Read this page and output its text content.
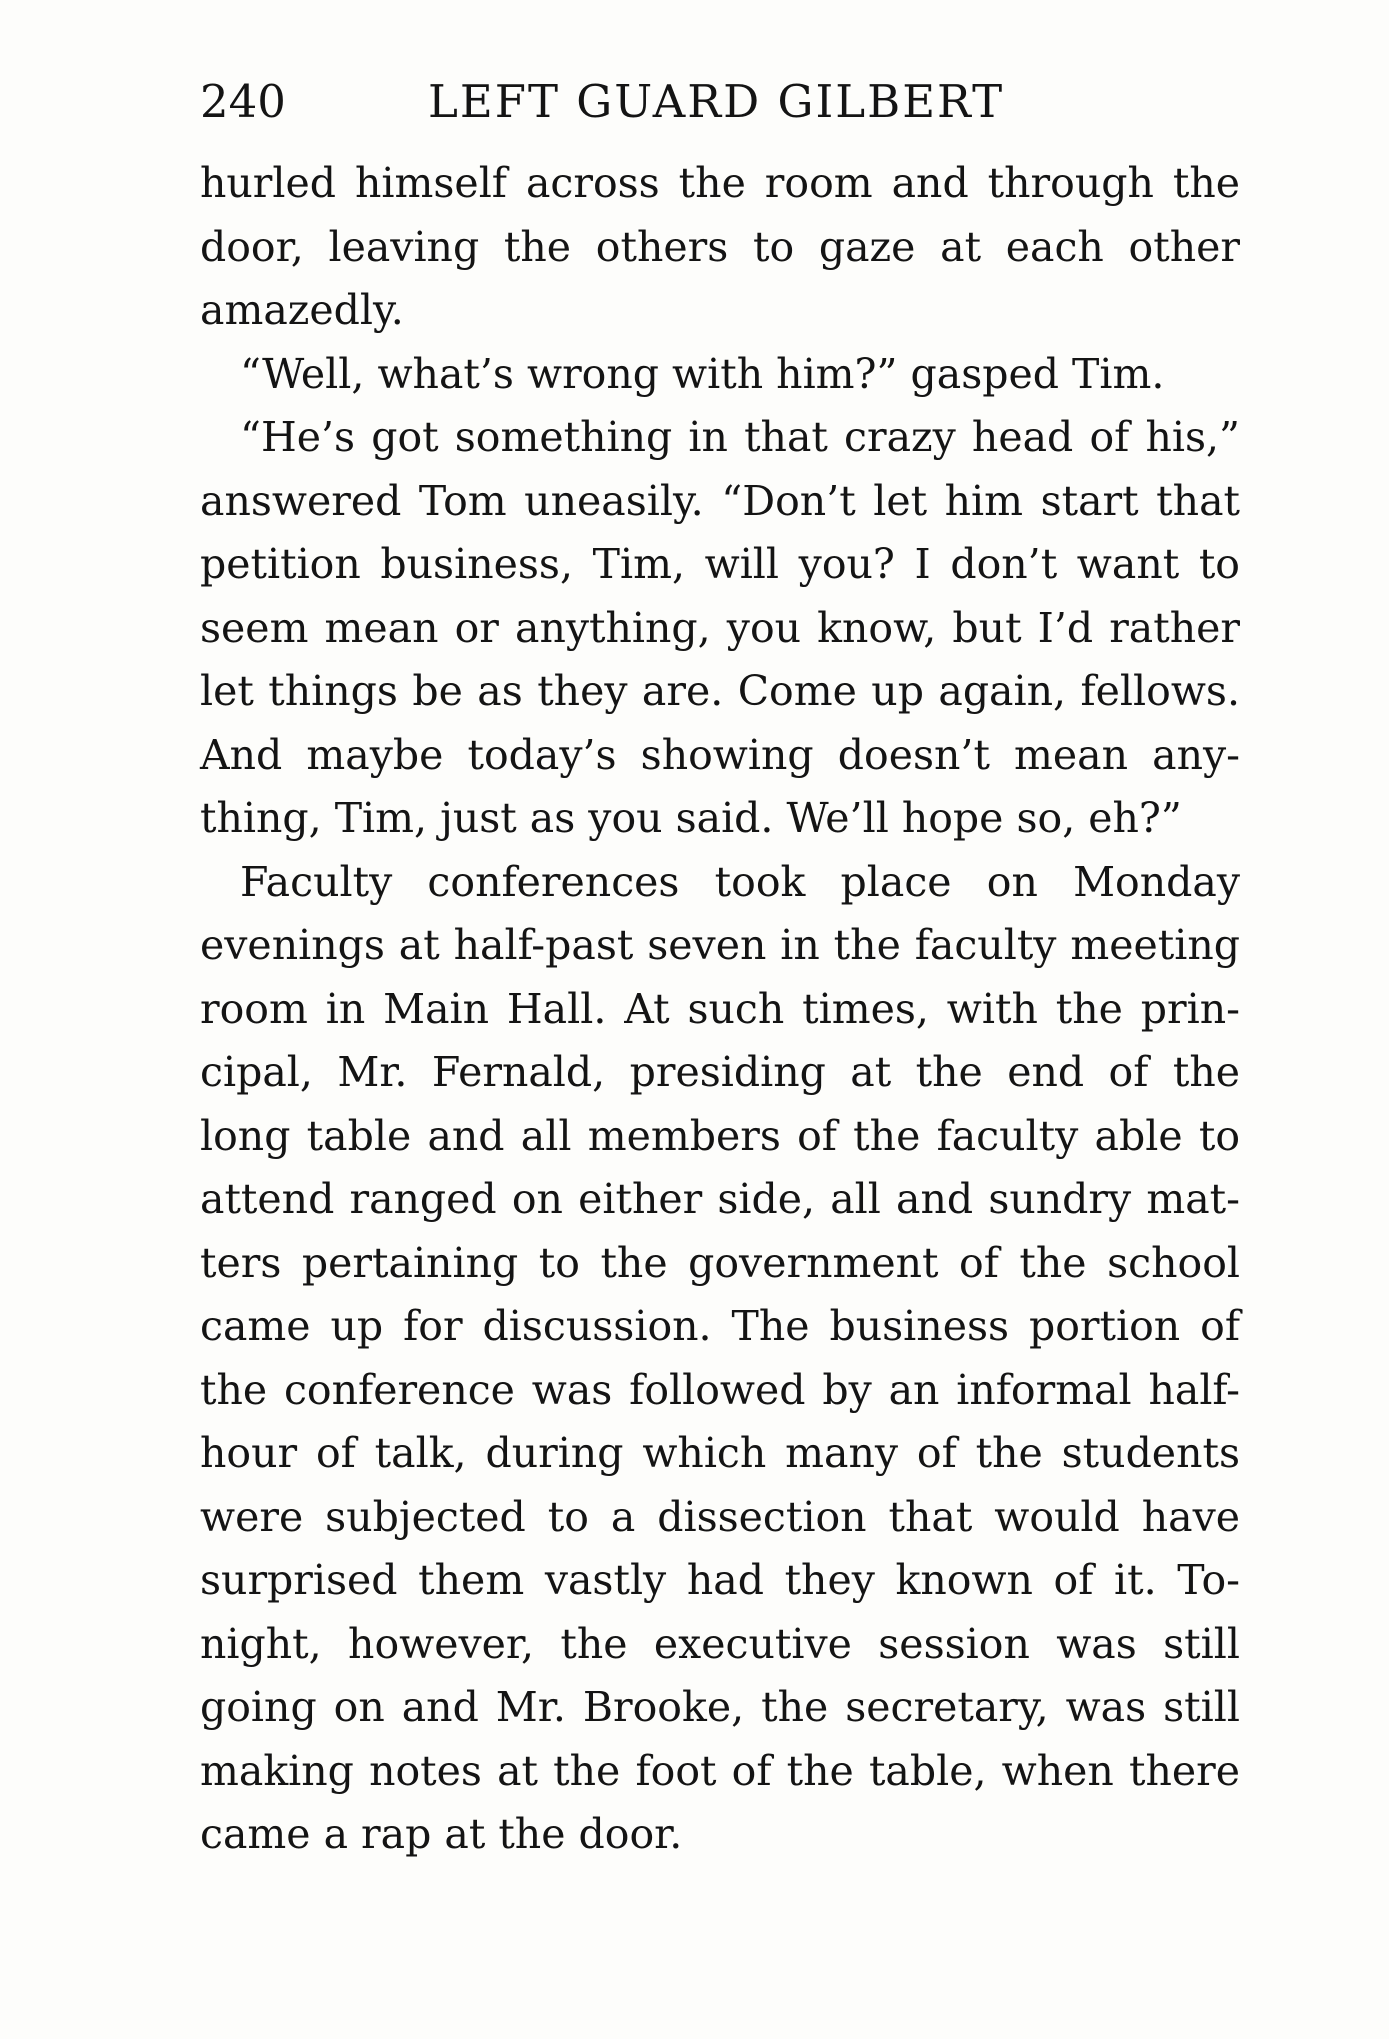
240	LEFT GUARD GILBERT
hurled himself across the room and through the
door, leaving the others to gaze at each other
amazedly.
“Well, what’s wrong with him?” gasped Tim.
“He’s got something in that crazy head of his,”
answered Tom uneasily. “Don’t let him start that
petition business, Tim, will you? I don’t want to
seem mean or anything, you know, but I’d rather
let things be as they are. Come up again, fellows.
And maybe today’s showing doesn’t mean any-
thing, Tim, just as you said. We’ll hope so, eh?”
Faculty conferences took place on Monday
evenings at half-past seven in the faculty meeting
room in Main Hall. At such times, with the prin-
cipal, Mr. Fernald, presiding at the end of the
long table and all members of the faculty able to
attend ranged on either side, all and sundry mat-
ters pertaining to the government of the school
came up for discussion. The business portion of
the conference was followed by an informal half-
hour of talk, during which many of the students
were subjected to a dissection that would have
surprised them vastly had they known of it. To-
night, however, the executive session was still
going on and Mr. Brooke, the secretary, was still
making notes at the foot of the table, when there
came a rap at the door.
